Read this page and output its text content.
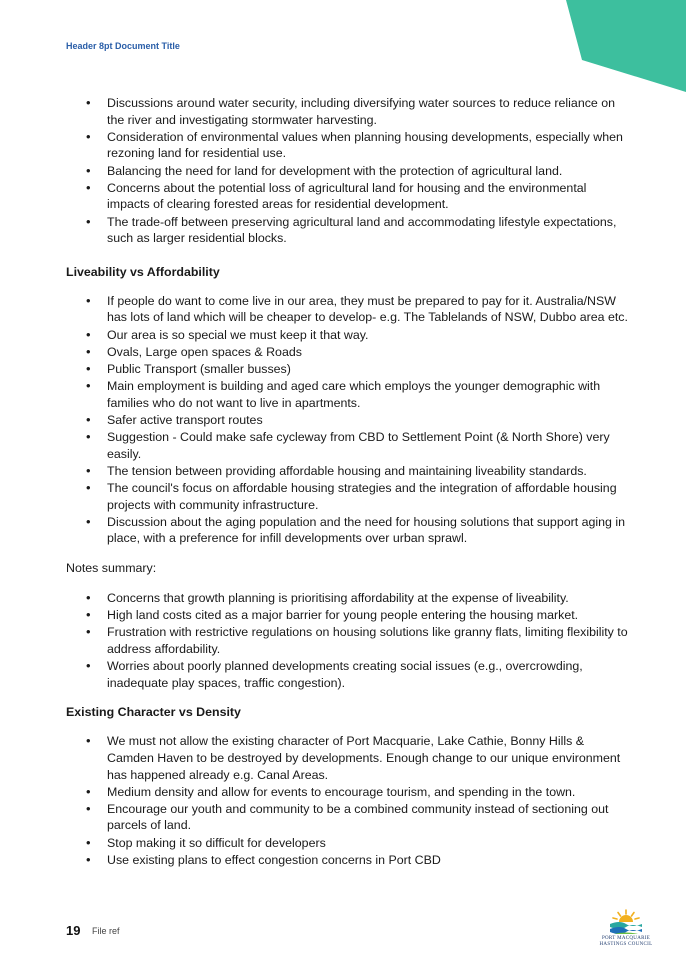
Header 8pt Document Title
• Discussions around water security, including diversifying water sources to reduce reliance on the river and investigating stormwater harvesting.
• Consideration of environmental values when planning housing developments, especially when rezoning land for residential use.
• Balancing the need for land for development with the protection of agricultural land.
• Concerns about the potential loss of agricultural land for housing and the environmental impacts of clearing forested areas for residential development.
• The trade-off between preserving agricultural land and accommodating lifestyle expectations, such as larger residential blocks.
Liveability vs Affordability
• If people do want to come live in our area, they must be prepared to pay for it. Australia/NSW has lots of land which will be cheaper to develop- e.g. The Tablelands of NSW, Dubbo area etc.
• Our area is so special we must keep it that way.
• Ovals, Large open spaces & Roads
• Public Transport (smaller busses)
• Main employment is building and aged care which employs the younger demographic with families who do not want to live in apartments.
• Safer active transport routes
• Suggestion - Could make safe cycleway from CBD to Settlement Point (& North Shore) very easily.
• The tension between providing affordable housing and maintaining liveability standards.
• The council's focus on affordable housing strategies and the integration of affordable housing projects with community infrastructure.
• Discussion about the aging population and the need for housing solutions that support aging in place, with a preference for infill developments over urban sprawl.

Notes summary:

• Concerns that growth planning is prioritising affordability at the expense of liveability.
• High land costs cited as a major barrier for young people entering the housing market.
• Frustration with restrictive regulations on housing solutions like granny flats, limiting flexibility to address affordability.
• Worries about poorly planned developments creating social issues (e.g., overcrowding, inadequate play spaces, traffic congestion).
Existing Character vs Density
• We must not allow the existing character of Port Macquarie, Lake Cathie, Bonny Hills & Camden Haven to be destroyed by developments. Enough change to our unique environment has happened already e.g. Canal Areas.
• Medium density and allow for events to encourage tourism, and spending in the town.
• Encourage our youth and community to be a combined community instead of sectioning out parcels of land.
• Stop making it so difficult for developers
• Use existing plans to effect congestion concerns in Port CBD
19 File ref
PORT MACQUARIE
HASTINGS COUNCIL
